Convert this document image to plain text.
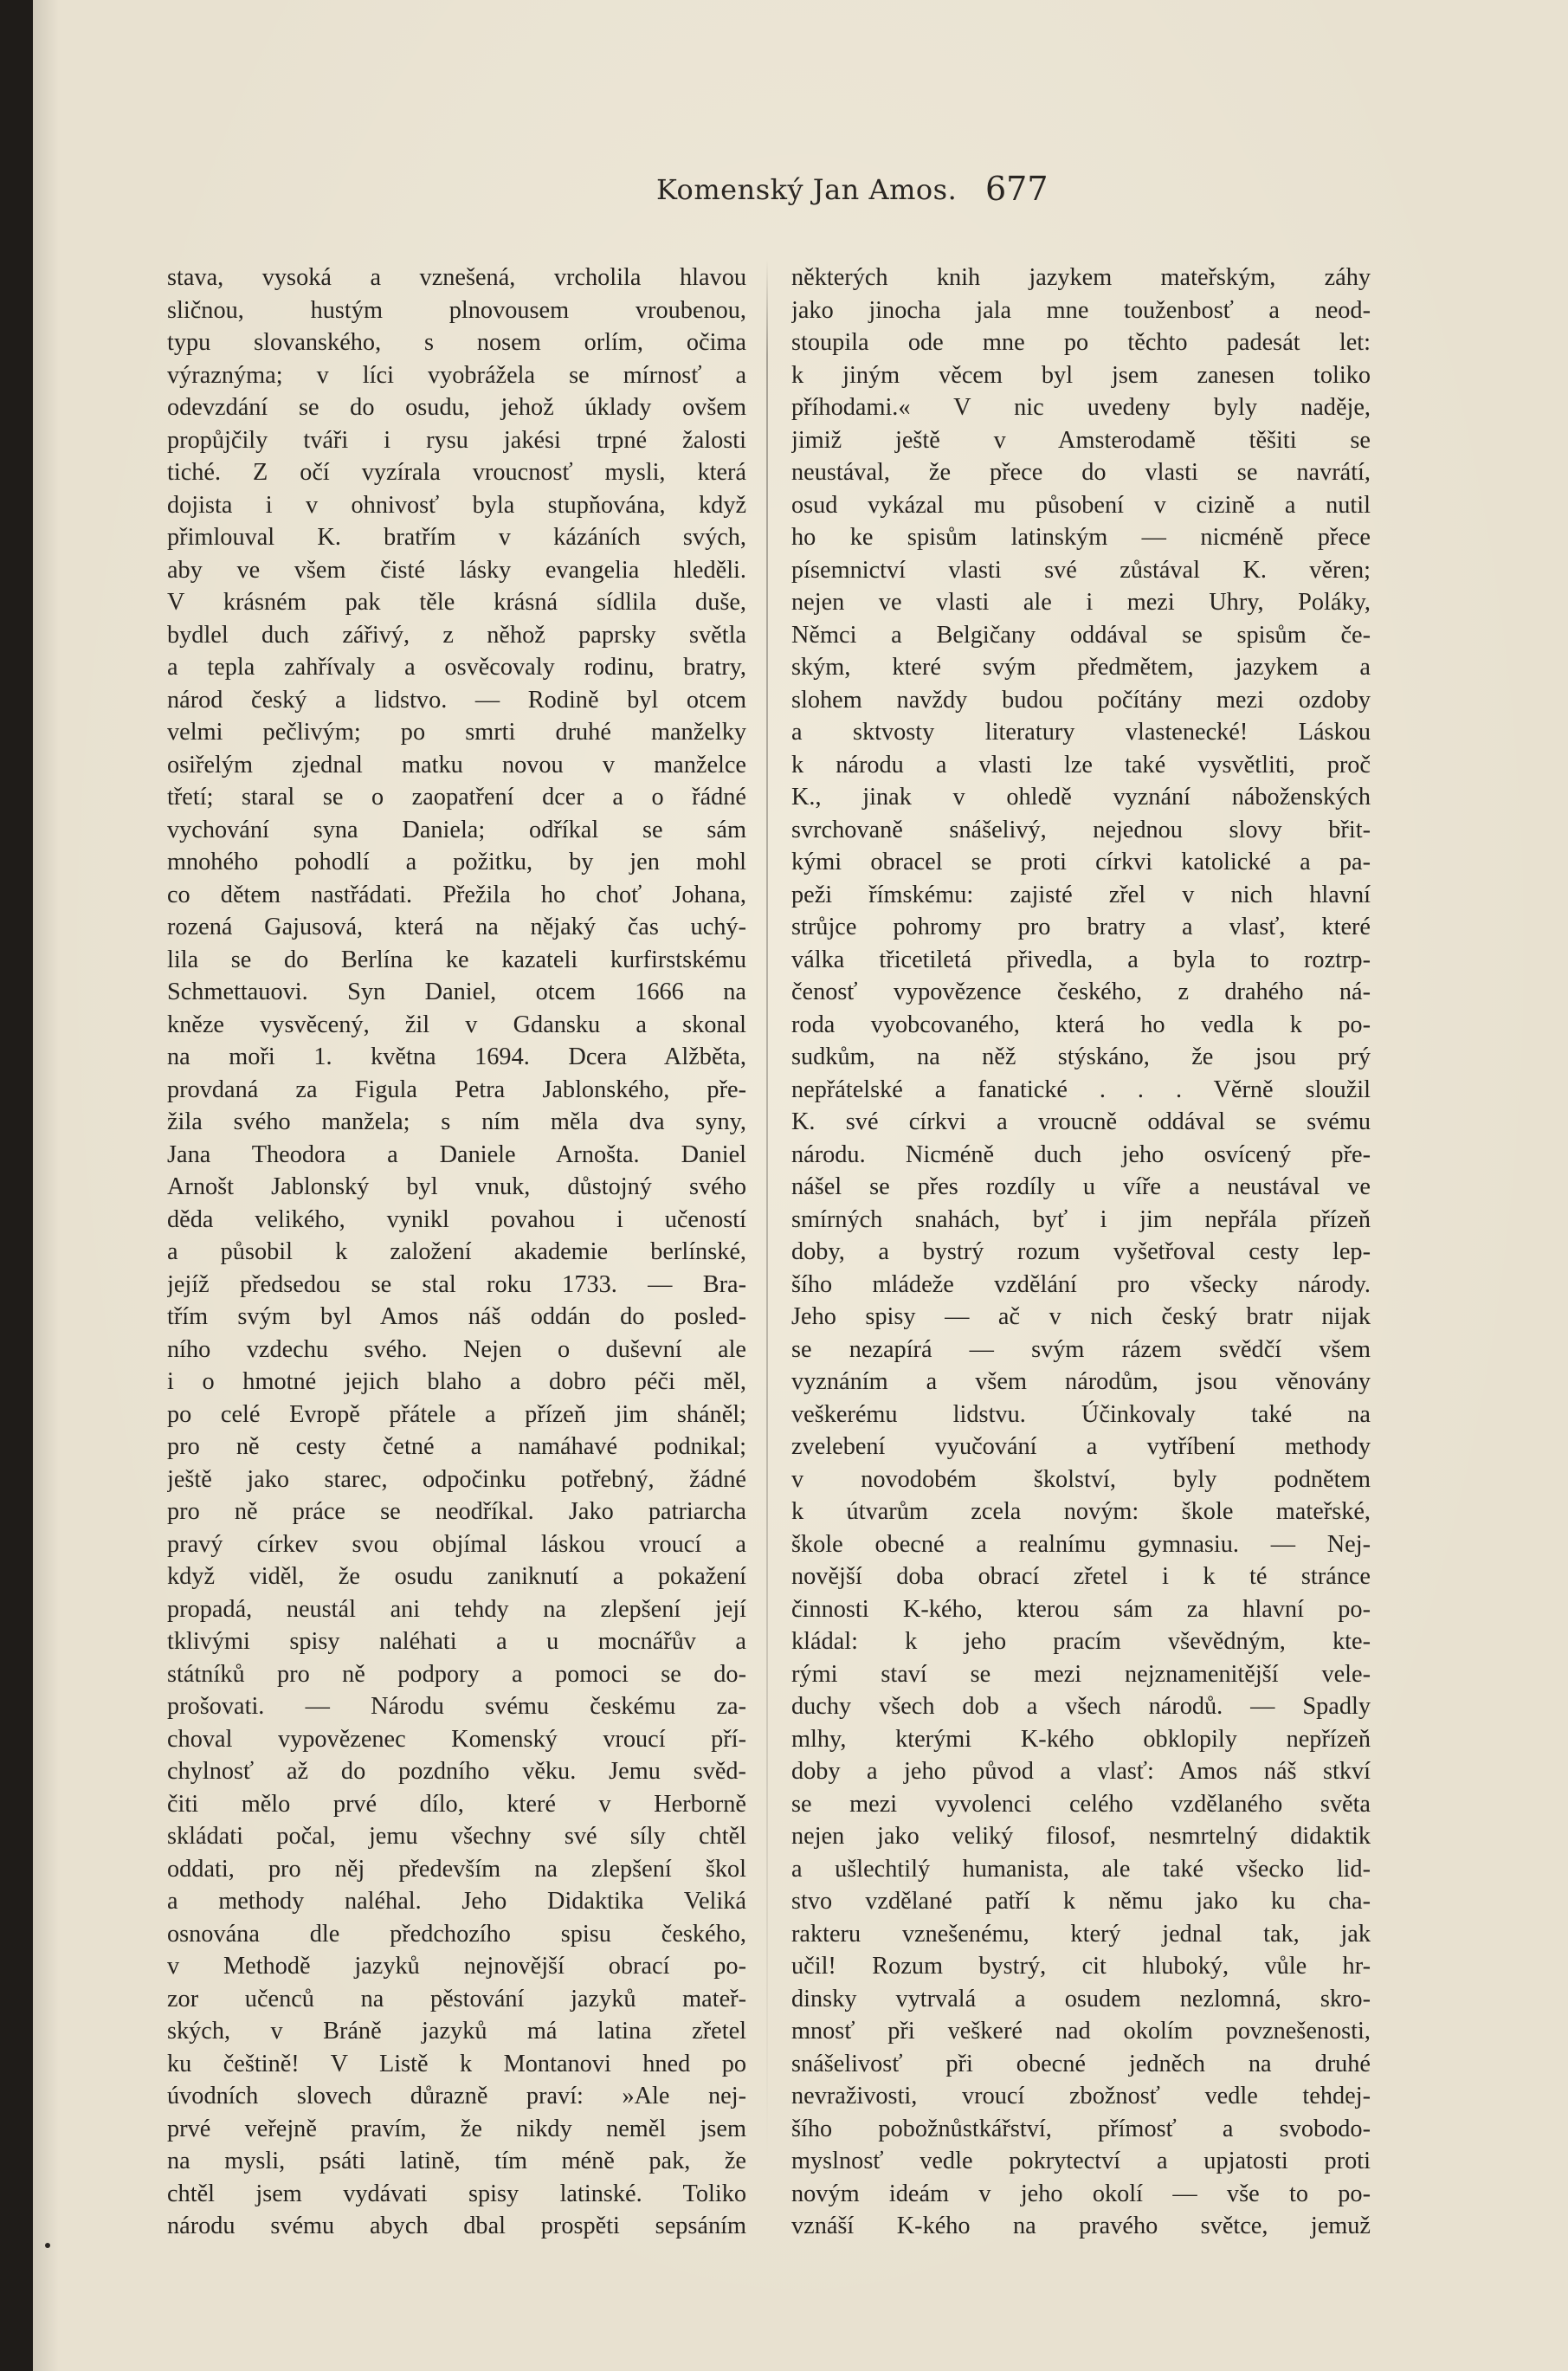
Komenský Jan Amos. 677
stava, vysoká a vznešená, vrcholila hlavou
sličnou, hustým plnovousem vroubenou,
typu slovanského, s nosem orlím, očima
výraznýma; v líci vyobrážela se mírnosť a
odevzdání se do osudu, jehož úklady ovšem
propůjčily tváři i rysu jakési trpné žalosti
tiché. Z očí vyzírala vroucnosť mysli, která
dojista i v ohnivosť byla stupňována, když
přimlouval K. bratřím v kázáních svých,
aby ve všem čisté lásky evangelia hleděli.
V krásném pak těle krásná sídlila duše,
bydlel duch zářivý, z něhož paprsky světla
a tepla zahřívaly a osvěcovaly rodinu, bratry,
národ český a lidstvo. — Rodině byl otcem
velmi pečlivým; po smrti druhé manželky
osiřelým zjednal matku novou v manželce
třetí; staral se o zaopatření dcer a o řádné
vychování syna Daniela; odříkal se sám
mnohého pohodlí a požitku, by jen mohl
co dětem nastřádati. Přežila ho choť Johana,
rozená Gajusová, která na nějaký čas uchý-
lila se do Berlína ke kazateli kurfirstskému
Schmettauovi. Syn Daniel, otcem 1666 na
kněze vysvěcený, žil v Gdansku a skonal
na moři 1. května 1694. Dcera Alžběta,
provdaná za Figula Petra Jablonského, pře-
žila svého manžela; s ním měla dva syny,
Jana Theodora a Daniele Arnošta. Daniel
Arnošt Jablonský byl vnuk, důstojný svého
děda velikého, vynikl povahou i učeností
a působil k založení akademie berlínské,
jejíž předsedou se stal roku 1733. — Bra-
třím svým byl Amos náš oddán do posled-
ního vzdechu svého. Nejen o duševní ale
i o hmotné jejich blaho a dobro péči měl,
po celé Evropě přátele a přízeň jim sháněl;
pro ně cesty četné a namáhavé podnikal;
ještě jako starec, odpočinku potřebný, žádné
pro ně práce se neodříkal. Jako patriarcha
pravý církev svou objímal láskou vroucí a
když viděl, že osudu zaniknutí a pokažení
propadá, neustál ani tehdy na zlepšení její
tklivými spisy naléhati a u mocnářův a
státníků pro ně podpory a pomoci se do-
prošovati. — Národu svému českému za-
choval vypovězenec Komenský vroucí pří-
chylnosť až do pozdního věku. Jemu svěd-
čiti mělo prvé dílo, které v Herborně
skládati počal, jemu všechny své síly chtěl
oddati, pro něj především na zlepšení škol
a methody naléhal. Jeho Didaktika Veliká
osnována dle předchozího spisu českého,
v Methodě jazyků nejnovější obrací po-
zor učenců na pěstování jazyků mateř-
ských, v Bráně jazyků má latina zřetel
ku češtině! V Listě k Montanovi hned po
úvodních slovech důrazně praví: »Ale nej-
prvé veřejně pravím, že nikdy neměl jsem
na mysli, psáti latině, tím méně pak, že
chtěl jsem vydávati spisy latinské. Toliko
národu svému abych dbal prospěti sepsáním
některých knih jazykem mateřským, záhy
jako jinocha jala mne touženbosť a neod-
stoupila ode mne po těchto padesát let:
k jiným věcem byl jsem zanesen toliko
příhodami.« V nic uvedeny byly naděje,
jimiž ještě v Amsterodamě těšiti se
neustával, že přece do vlasti se navrátí,
osud vykázal mu působení v cizině a nutil
ho ke spisům latinským — nicméně přece
písemnictví vlasti své zůstával K. věren;
nejen ve vlasti ale i mezi Uhry, Poláky,
Němci a Belgičany oddával se spisům če-
ským, které svým předmětem, jazykem a
slohem navždy budou počítány mezi ozdoby
a sktvosty literatury vlastenecké! Láskou
k národu a vlasti lze také vysvětliti, proč
K., jinak v ohledě vyznání náboženských
svrchovaně snášelivý, nejednou slovy břit-
kými obracel se proti církvi katolické a pa-
peži římskému: zajisté zřel v nich hlavní
strůjce pohromy pro bratry a vlasť, které
válka třicetiletá přivedla, a byla to roztrp-
čenosť vypovězence českého, z drahého ná-
roda vyobcovaného, která ho vedla k po-
sudkům, na něž stýskáno, že jsou prý
nepřátelské a fanatické . . . Věrně sloužil
K. své církvi a vroucně oddával se svému
národu. Nicméně duch jeho osvícený pře-
nášel se přes rozdíly u víře a neustával ve
smírných snahách, byť i jim nepřála přízeň
doby, a bystrý rozum vyšetřoval cesty lep-
šího mládeže vzdělání pro všecky národy.
Jeho spisy — ač v nich český bratr nijak
se nezapírá — svým rázem svědčí všem
vyznáním a všem národům, jsou věnovány
veškerému lidstvu. Účinkovaly také na
zvelebení vyučování a vytříbení methody
v novodobém školství, byly podnětem
k útvarům zcela novým: škole mateřské,
škole obecné a realnímu gymnasiu. — Nej-
novější doba obrací zřetel i k té stránce
činnosti K-kého, kterou sám za hlavní po-
kládal: k jeho pracím vševědným, kte-
rými staví se mezi nejznamenitější vele-
duchy všech dob a všech národů. — Spadly
mlhy, kterými K-kého obklopily nepřízeň
doby a jeho původ a vlasť: Amos náš stkví
se mezi vyvolenci celého vzdělaného světa
nejen jako veliký filosof, nesmrtelný didaktik
a ušlechtilý humanista, ale také všecko lid-
stvo vzdělané patří k němu jako ku cha-
rakteru vznešenému, který jednal tak, jak
učil! Rozum bystrý, cit hluboký, vůle hr-
dinsky vytrvalá a osudem nezlomná, skro-
mnosť při veškeré nad okolím povznešenosti,
snášelivosť při obecné jedněch na druhé
nevraživosti, vroucí zbožnosť vedle tehdej-
šího pobožnůstkářství, přímosť a svobodo-
myslnosť vedle pokrytectví a upjatosti proti
novým ideám v jeho okolí — vše to po-
vznáší K-kého na pravého světce, jemuž
